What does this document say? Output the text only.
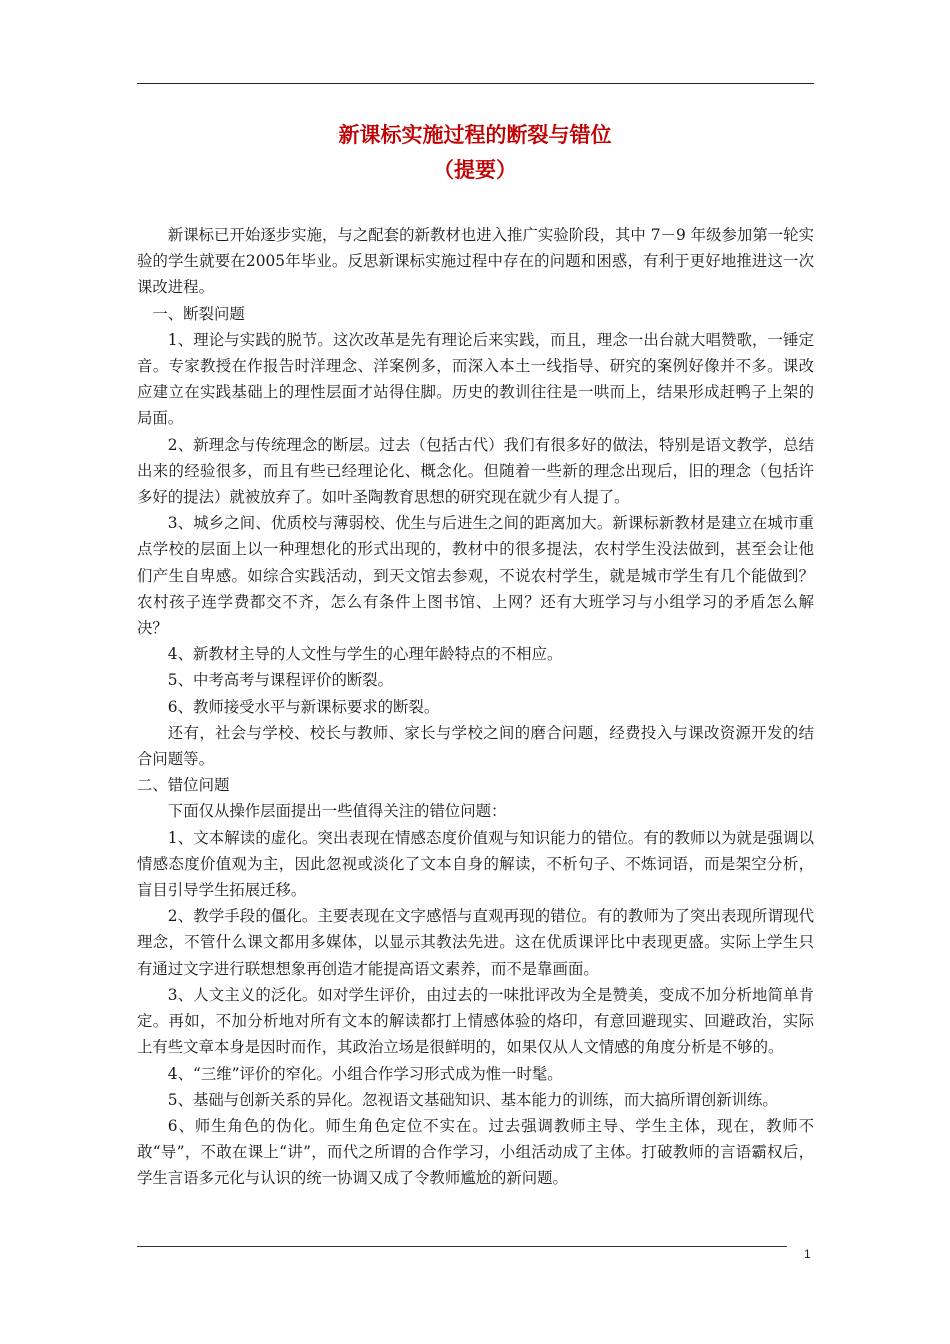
新课标实施过程的断裂与错位
（提要）

新课标已开始逐步实施，与之配套的新教材也进入推广实验阶段，其中 7－9 年级参加第一轮实验的学生就要在2005年毕业。反思新课标实施过程中存在的问题和困惑，有利于更好地推进这一次课改进程。

一、断裂问题

1、理论与实践的脱节。这次改革是先有理论后来实践，而且，理念一出台就大唱赞歌，一锤定音。专家教授在作报告时洋理念、洋案例多，而深入本土一线指导、研究的案例好像并不多。课改应建立在实践基础上的理性层面才站得住脚。历史的教训往往是一哄而上，结果形成赶鸭子上架的局面。

2、新理念与传统理念的断层。过去（包括古代）我们有很多好的做法，特别是语文教学，总结出来的经验很多，而且有些已经理论化、概念化。但随着一些新的理念出现后，旧的理念（包括许多好的提法）就被放弃了。如叶圣陶教育思想的研究现在就少有人提了。

3、城乡之间、优质校与薄弱校、优生与后进生之间的距离加大。新课标新教材是建立在城市重点学校的层面上以一种理想化的形式出现的，教材中的很多提法，农村学生没法做到，甚至会让他们产生自卑感。如综合实践活动，到天文馆去参观，不说农村学生，就是城市学生有几个能做到？农村孩子连学费都交不齐，怎么有条件上图书馆、上网？还有大班学习与小组学习的矛盾怎么解决？

4、新教材主导的人文性与学生的心理年龄特点的不相应。

5、中考高考与课程评价的断裂。

6、教师接受水平与新课标要求的断裂。

还有，社会与学校、校长与教师、家长与学校之间的磨合问题，经费投入与课改资源开发的结合问题等。

二、错位问题

下面仅从操作层面提出一些值得关注的错位问题：

1、文本解读的虚化。突出表现在情感态度价值观与知识能力的错位。有的教师以为就是强调以情感态度价值观为主，因此忽视或淡化了文本自身的解读，不析句子、不炼词语，而是架空分析，盲目引导学生拓展迁移。

2、教学手段的僵化。主要表现在文字感悟与直观再现的错位。有的教师为了突出表现所谓现代理念，不管什么课文都用多媒体，以显示其教法先进。这在优质课评比中表现更盛。实际上学生只有通过文字进行联想想象再创造才能提高语文素养，而不是靠画面。

3、人文主义的泛化。如对学生评价，由过去的一味批评改为全是赞美，变成不加分析地简单肯定。再如，不加分析地对所有文本的解读都打上情感体验的烙印，有意回避现实、回避政治，实际上有些文章本身是因时而作，其政治立场是很鲜明的，如果仅从人文情感的角度分析是不够的。

4、“三维”评价的窄化。小组合作学习形式成为惟一时髦。

5、基础与创新关系的异化。忽视语文基础知识、基本能力的训练，而大搞所谓创新训练。

6、师生角色的伪化。师生角色定位不实在。过去强调教师主导、学生主体，现在，教师不敢“导”，不敢在课上“讲”，而代之所谓的合作学习，小组活动成了主体。打破教师的言语霸权后，学生言语多元化与认识的统一协调又成了令教师尴尬的新问题。

1
